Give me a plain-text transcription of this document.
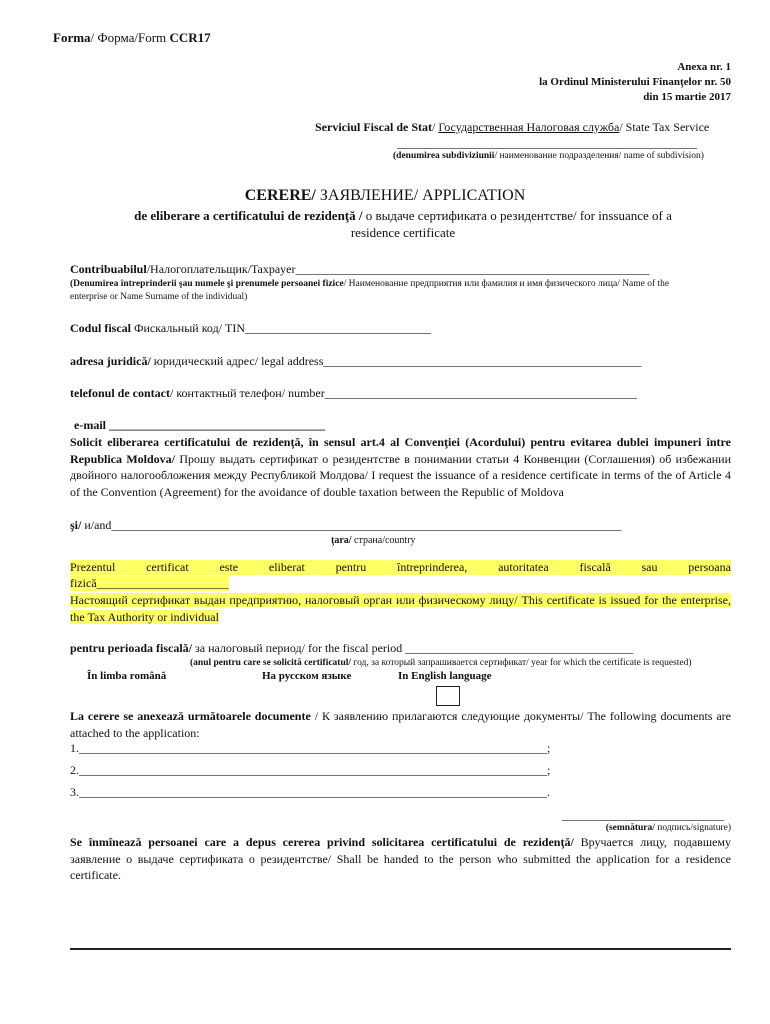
Forma/ Форма/Form CCR17
Anexa nr. 1
la Ordinul Ministerului Finanţelor nr. 50
din 15 martie 2017
Serviciul Fiscal de Stat/ Государственная Налоговая служба/ State Tax Service
__________________________________________________
(denumirea subdiviziunii/ наименование подразделения/ name of subdivision)
CERERE/ ЗАЯВЛЕНИЕ/ APPLICATION
de eliberare a certificatului de rezidenţă / о выдаче сертификата о резидентстве/ for inssuance of a
residence certificate
Contribuabilul/Налогоплательщик/Taxpayer___________________________________________________________
(Denumirea întreprinderii şau numele şi prenumele persoanei fizice/ Наименование предприятия или фамилия и имя физического лица/ Name of the
enterprise or Name Surname of the individual)
Codul fiscal Фискальный код/ TIN_______________________________
adresa juridică/ юридический адрес/ legal address_____________________________________________________
telefonul de contact/ контактный телефон/ number____________________________________________________
e-mail ____________________________________
Solicit eliberarea certificatului de rezidenţă, în sensul art.4 al Convenţiei (Acordului) pentru evitarea dublei impuneri între Republica Moldova/ Прошу выдать сертификат о резидентстве в понимании статьи 4 Конвенции (Соглашения) об избежании двойного налогообложения между Республикой Молдова/ I request the issuance of a residence certificate in terms of the of Article 4 of the Convention (Agreement) for the avoidance of double taxation between the Republic of Moldova
şi/ и/and_____________________________________________________________________________________
ţara/ страна/country
Prezentul	certificat	este	eliberat	pentru	întreprinderea,	autoritatea	fiscală	sau	persoana
fizică______________________
Настоящий сертификат выдан предприятию, налоговый орган или физическому лицу/ This certificate is issued for the enterprise, the Tax Authority or individual
pentru perioada fiscală/ за налоговый период/ for the fiscal period ______________________________________
(anul pentru care se solicită certificatul/ год, за который запрашивается сертификат/ year for which the certificate is requested)
În limba română	На русском языке	In English language
La cerere se anexează următoarele documente / К заявлению прилагаются следующие документы/ The following documents are attached to the application:
1.______________________________________________________________________________;
2.______________________________________________________________________________;
3.______________________________________________________________________________.
___________________________
(semnătura/ подпись/signature)
Se înmînează persoanei care a depus cererea privind solicitarea certificatului de rezidenţă/ Вручается лицу, подавшему заявление о выдаче сертификата о резидентстве/ Shall be handed to the person who submitted the application for a residence certificate.
